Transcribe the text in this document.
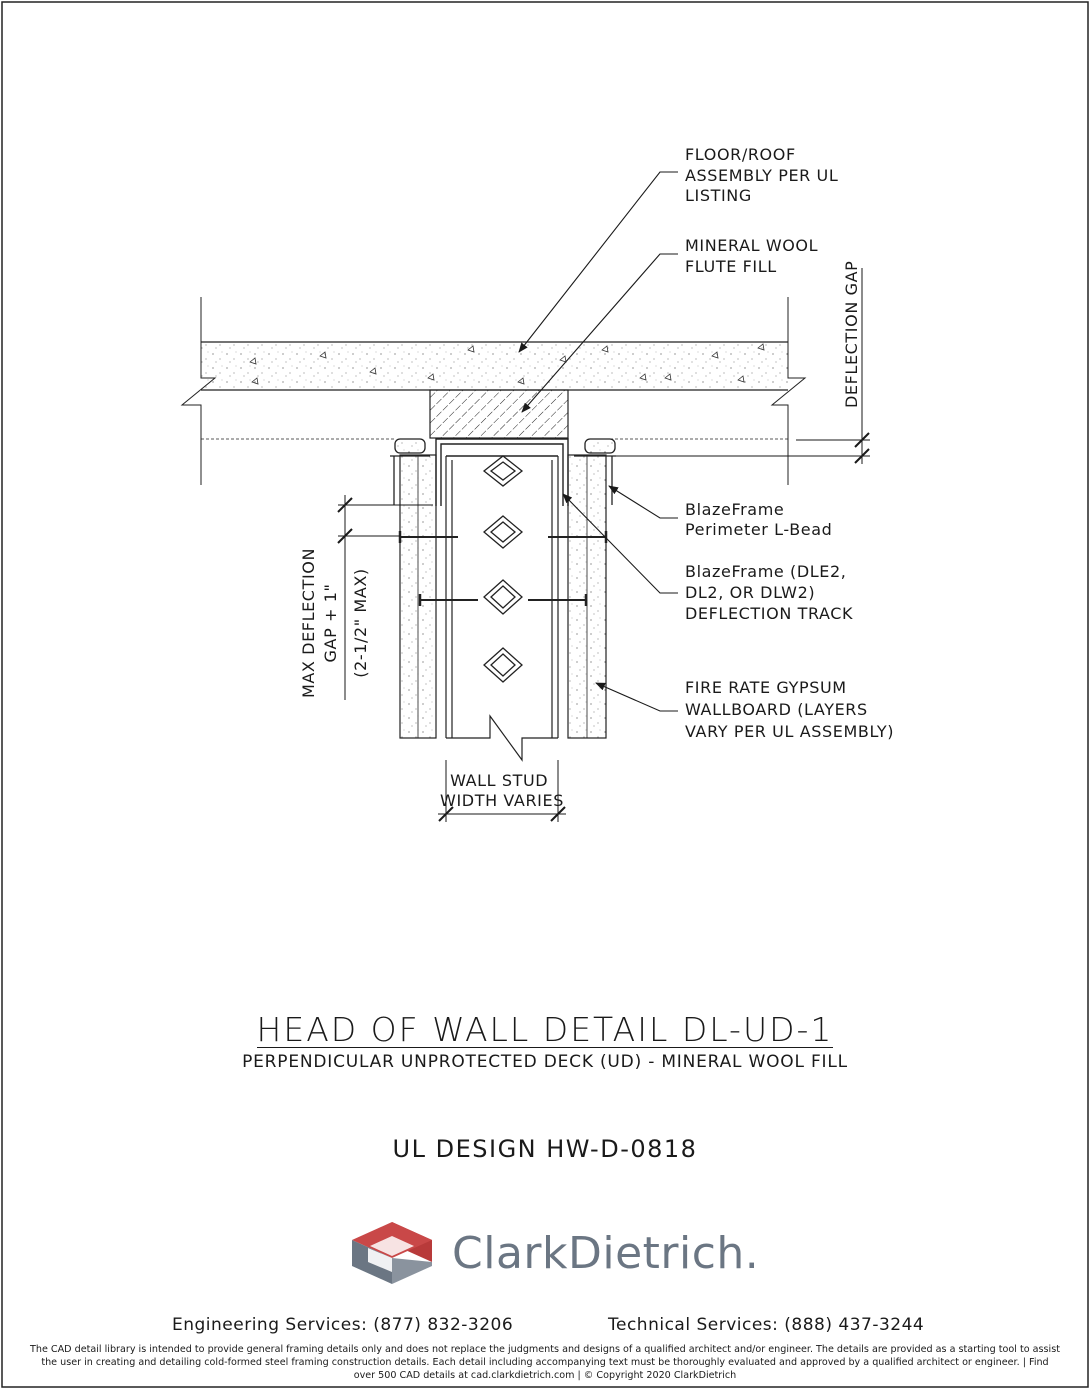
FLOOR/ROOF ASSEMBLY PER UL LISTING
MINERAL WOOL FLUTE FILL	DEFLECTION GAP
BlazeFrame Perimeter L-Bead
BlazeFrame (DLE2, DL2, OR DLW2) DEFLECTION TRACK
FIRE RATE GYPSUM WALLBOARD (LAYERS VARY PER UL ASSEMBLY)
MAX DEFLECTION GAP + 1" (2-1/2" MAX)
WALL STUD WIDTH VARIES
HEAD OF WALL DETAIL DL-UD-1
PERPENDICULAR UNPROTECTED DECK (UD) - MINERAL WOOL FILL
UL DESIGN HW-D-0818
ClarkDietrich.
Engineering Services: (877) 832-3206	Technical Services: (888) 437-3244
The CAD detail library is intended to provide general framing details only and does not replace the judgments and designs of a qualified architect and/or engineer. The details are provided as a starting tool to assist the user in creating and detailing cold-formed steel framing construction details. Each detail including accompanying text must be thoroughly evaluated and approved by a qualified architect or engineer. | Find over 500 CAD details at cad.clarkdietrich.com | © Copyright 2020 ClarkDietrich
